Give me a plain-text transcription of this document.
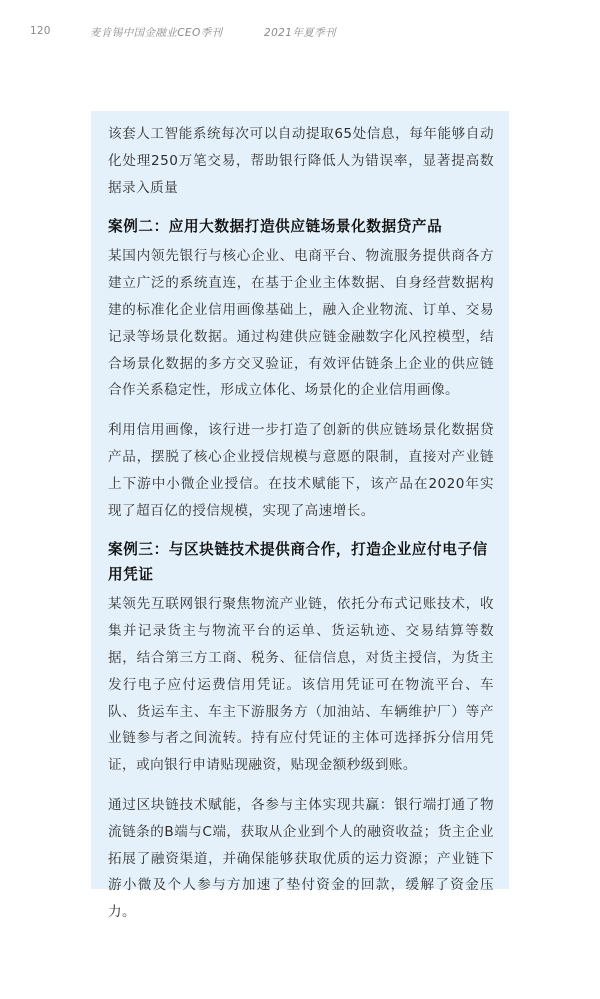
120	麦肯锡中国金融业CEO季刊	2021年夏季刊

该套人工智能系统每次可以自动提取65处信息，每年能够自动化处理250万笔交易，帮助银行降低人为错误率，显著提高数据录入质量

案例二：应用大数据打造供应链场景化数据贷产品

某国内领先银行与核心企业、电商平台、物流服务提供商各方建立广泛的系统直连，在基于企业主体数据、自身经营数据构建的标准化企业信用画像基础上，融入企业物流、订单、交易记录等场景化数据。通过构建供应链金融数字化风控模型，结合场景化数据的多方交叉验证，有效评估链条上企业的供应链合作关系稳定性，形成立体化、场景化的企业信用画像。

利用信用画像，该行进一步打造了创新的供应链场景化数据贷产品，摆脱了核心企业授信规模与意愿的限制，直接对产业链上下游中小微企业授信。在技术赋能下，该产品在2020年实现了超百亿的授信规模，实现了高速增长。

案例三：与区块链技术提供商合作，打造企业应付电子信用凭证

某领先互联网银行聚焦物流产业链，依托分布式记账技术，收集并记录货主与物流平台的运单、货运轨迹、交易结算等数据，结合第三方工商、税务、征信信息，对货主授信，为货主发行电子应付运费信用凭证。该信用凭证可在物流平台、车队、货运车主、车主下游服务方（加油站、车辆维护厂）等产业链参与者之间流转。持有应付凭证的主体可选择拆分信用凭证，或向银行申请贴现融资，贴现金额秒级到账。

通过区块链技术赋能，各参与主体实现共赢：银行端打通了物流链条的B端与C端，获取从企业到个人的融资收益；货主企业拓展了融资渠道，并确保能够获取优质的运力资源；产业链下游小微及个人参与方加速了垫付资金的回款，缓解了资金压力。
